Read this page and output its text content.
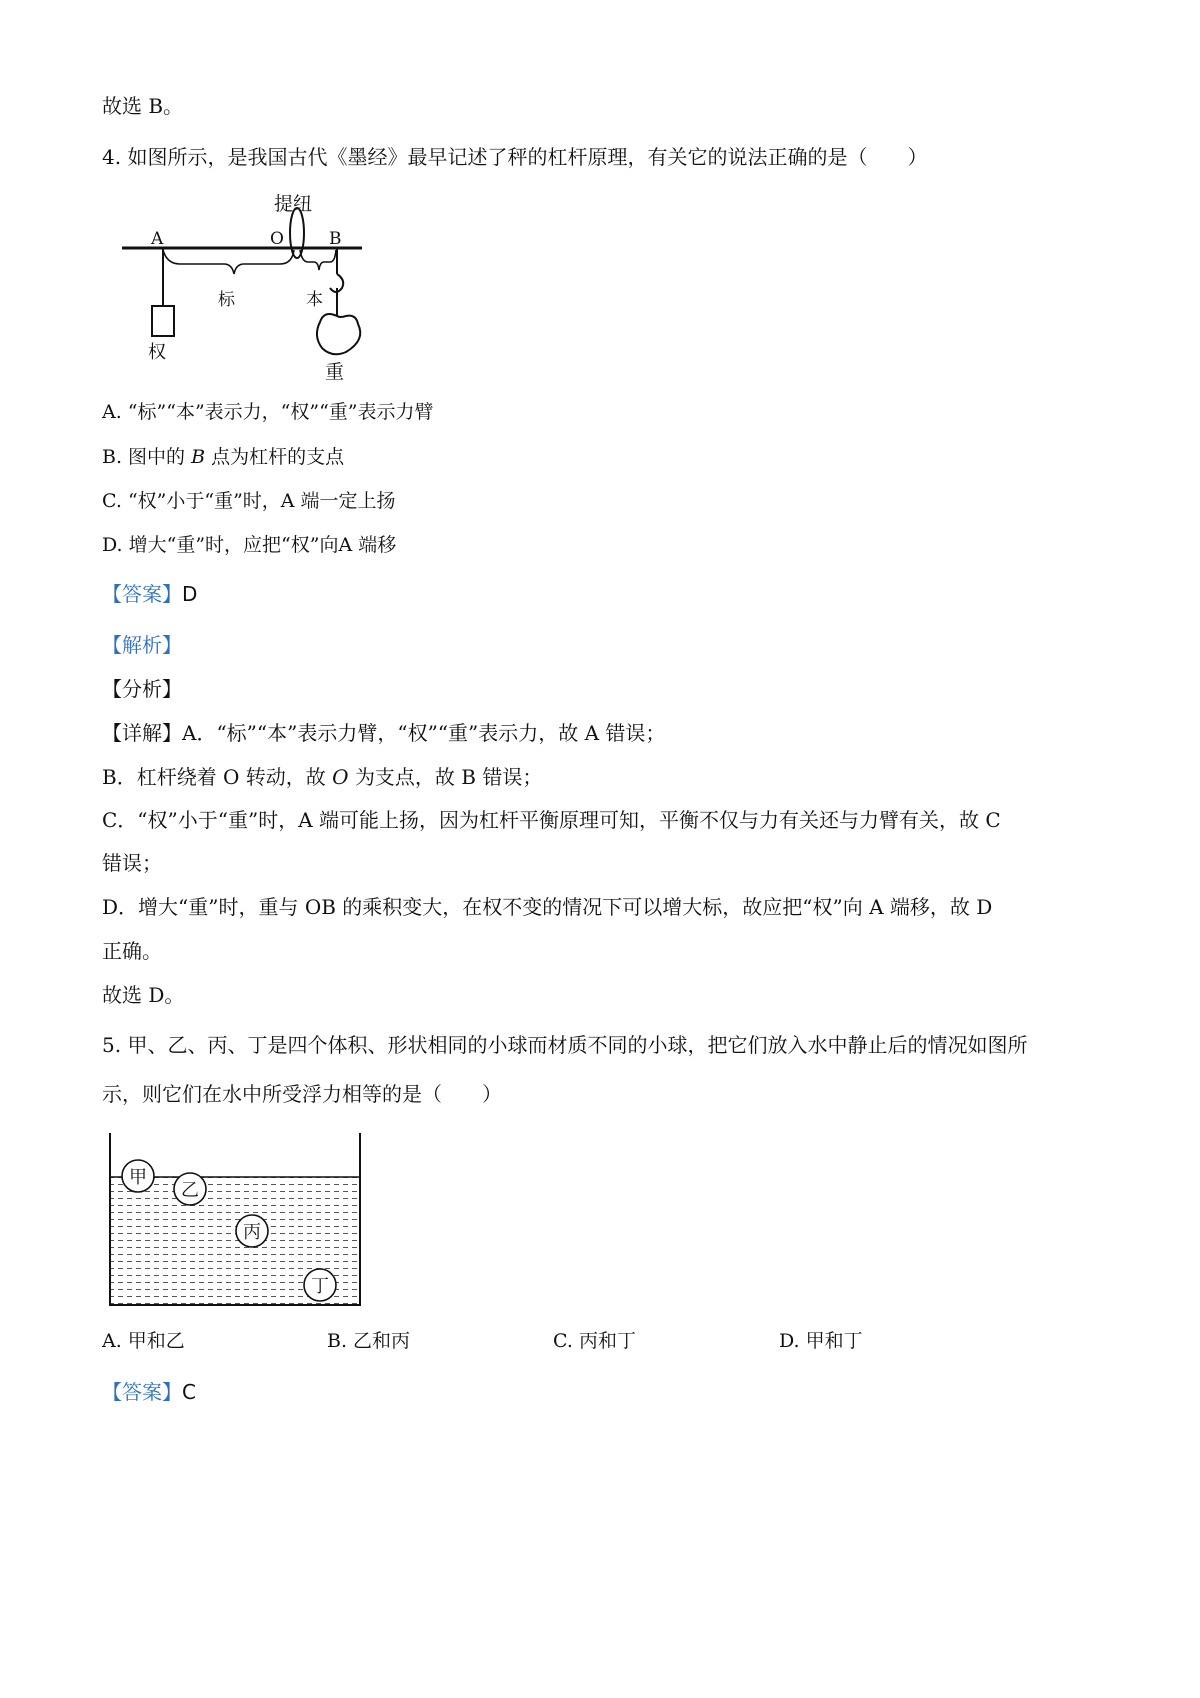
故选 B。
4. 如图所示，是我国古代《墨经》最早记述了秤的杠杆原理，有关它的说法正确的是（　　）
提纽
A	O	B
标	本
权
重
A. “标”“本”表示力，“权”“重”表示力臂
B. 图中的 B 点为杠杆的支点
C. “权”小于“重”时，A 端一定上扬
D. 增大“重”时，应把“权”向A 端移
【答案】D
【解析】
【分析】
【详解】A．“标”“本”表示力臂，“权”“重”表示力，故 A 错误；
B．杠杆绕着 O 转动，故 O 为支点，故 B 错误；
C．“权”小于“重”时，A 端可能上扬，因为杠杆平衡原理可知，平衡不仅与力有关还与力臂有关，故 C
错误；
D．增大“重”时，重与 OB 的乘积变大，在权不变的情况下可以增大标，故应把“权”向 A 端移，故 D
正确。
故选 D。
5. 甲、乙、丙、丁是四个体积、形状相同的小球而材质不同的小球，把它们放入水中静止后的情况如图所
示，则它们在水中所受浮力相等的是（　　）
甲
乙
丙
丁
A. 甲和乙	B. 乙和丙	C. 丙和丁	D. 甲和丁
【答案】C
